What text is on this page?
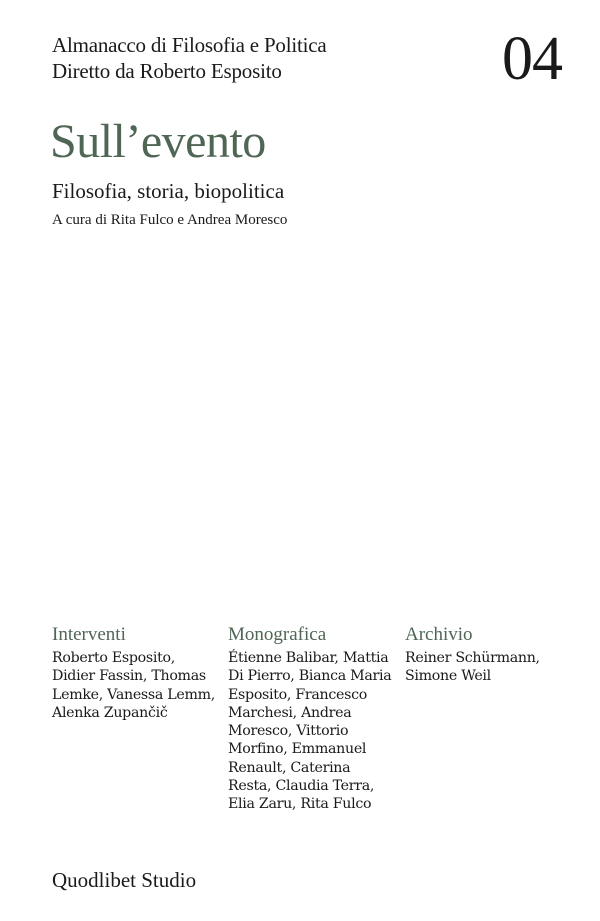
Almanacco di Filosofia e Politica
Diretto da Roberto Esposito	04
Sull’evento
Filosofia, storia, biopolitica
A cura di Rita Fulco e Andrea Moresco
Interventi
Roberto Esposito,
Didier Fassin, Thomas
Lemke, Vanessa Lemm,
Alenka Zupančič
Monografica
Étienne Balibar, Mattia
Di Pierro, Bianca Maria
Esposito, Francesco
Marchesi, Andrea
Moresco, Vittorio
Morfino, Emmanuel
Renault, Caterina
Resta, Claudia Terra,
Elia Zaru, Rita Fulco
Archivio
Reiner Schürmann,
Simone Weil
Quodlibet Studio
